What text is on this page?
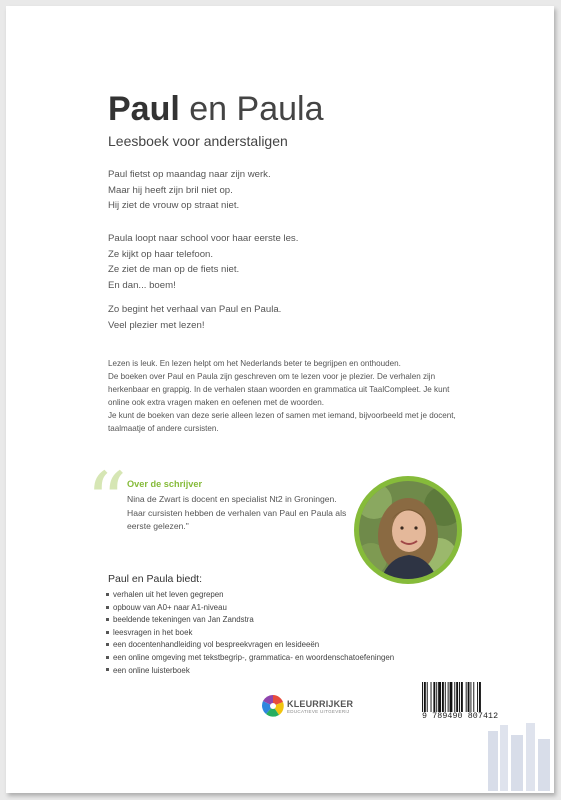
Paul en Paula
Leesboek voor anderstaligen
Paul fietst op maandag naar zijn werk.
Maar hij heeft zijn bril niet op.
Hij ziet de vrouw op straat niet.
Paula loopt naar school voor haar eerste les.
Ze kijkt op haar telefoon.
Ze ziet de man op de fiets niet.
En dan... boem!
Zo begint het verhaal van Paul en Paula.
Veel plezier met lezen!
Lezen is leuk. En lezen helpt om het Nederlands beter te begrijpen en onthouden.
De boeken over Paul en Paula zijn geschreven om te lezen voor je plezier. De verhalen zijn
herkenbaar en grappig. In de verhalen staan woorden en grammatica uit TaalCompleet. Je kunt
online ook extra vragen maken en oefenen met de woorden.
Je kunt de boeken van deze serie alleen lezen of samen met iemand, bijvoorbeeld met je docent,
taalmaatje of andere cursisten.
“ Over de schrijver
Nina de Zwart is docent en specialist Nt2 in Groningen.
Haar cursisten hebben de verhalen van Paul en Paula als
eerste gelezen."
Paul en Paula biedt:
verhalen uit het leven gegrepen
opbouw van A0+ naar A1-niveau
beeldende tekeningen van Jan Zandstra
leesvragen in het boek
een docentenhandleiding vol bespreekvragen en lesideeën
een online omgeving met tekstbegrip-, grammatica- en woordenschatoefeningen
een online luisterboek
KLEURRIJKER
EDUCATIEVE UITGEVERIJ
9 789490 807412
